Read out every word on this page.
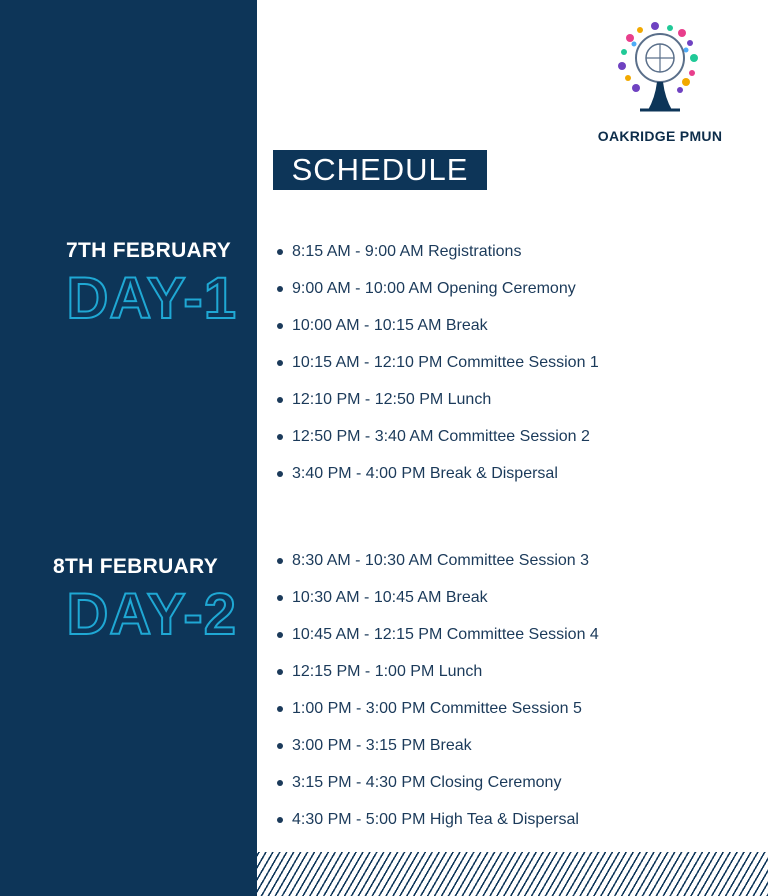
OAKRIDGE PMUN
SCHEDULE
7TH FEBRUARY
DAY-1
8:15 AM - 9:00 AM Registrations
9:00 AM - 10:00 AM Opening Ceremony
10:00 AM - 10:15 AM Break
10:15 AM - 12:10 PM Committee Session 1
12:10 PM - 12:50 PM Lunch
12:50 PM - 3:40 AM Committee Session 2
3:40 PM - 4:00 PM Break & Dispersal
8TH FEBRUARY
DAY-2
8:30 AM - 10:30 AM Committee Session 3
10:30 AM - 10:45 AM Break
10:45 AM - 12:15 PM Committee Session 4
12:15 PM - 1:00 PM Lunch
1:00 PM - 3:00 PM Committee Session 5
3:00 PM - 3:15 PM Break
3:15 PM - 4:30 PM Closing Ceremony
4:30 PM - 5:00 PM High Tea & Dispersal
